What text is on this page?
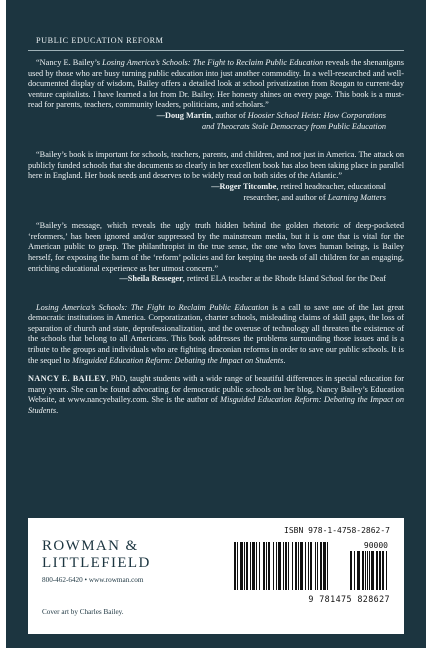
PUBLIC EDUCATION REFORM

“Nancy E. Bailey’s Losing America’s Schools: The Fight to Reclaim Public Education reveals the shenanigans used by those who are busy turning public education into just another commodity. In a well-researched and well-documented display of wisdom, Bailey offers a detailed look at school privatization from Reagan to current-day venture capitalists. I have learned a lot from Dr. Bailey. Her honesty shines on every page. This book is a must-read for parents, teachers, community leaders, politicians, and scholars.”

—Doug Martin, author of Hoosier School Heist: How Corporations
and Theocrats Stole Democracy from Public Education

“Bailey’s book is important for schools, teachers, parents, and children, and not just in America. The attack on publicly funded schools that she documents so clearly in her excellent book has also been taking place in parallel here in England. Her book needs and deserves to be widely read on both sides of the Atlantic.”

—Roger Titcombe, retired headteacher, educational
researcher, and author of Learning Matters

“Bailey’s message, which reveals the ugly truth hidden behind the golden rhetoric of deep-pocketed ‘reformers,’ has been ignored and/or suppressed by the mainstream media, but it is one that is vital for the American public to grasp. The philanthropist in the true sense, the one who loves human beings, is Bailey herself, for exposing the harm of the ‘reform’ policies and for keeping the needs of all children for an engaging, enriching educational experience as her utmost concern.”

—Sheila Resseger, retired ELA teacher at the Rhode Island School for the Deaf

Losing America’s Schools: The Fight to Reclaim Public Education is a call to save one of the last great democratic institutions in America. Corporatization, charter schools, misleading claims of skill gaps, the loss of separation of church and state, deprofessionalization, and the overuse of technology all threaten the existence of the schools that belong to all Americans. This book addresses the problems surrounding those issues and is a tribute to the groups and individuals who are fighting draconian reforms in order to save our public schools. It is the sequel to Misguided Education Reform: Debating the Impact on Students.

NANCY E. BAILEY, PhD, taught students with a wide range of beautiful differences in special education for many years. She can be found advocating for democratic public schools on her blog, Nancy Bailey’s Education Website, at www.nancyebailey.com. She is the author of Misguided Education Reform: Debating the Impact on Students.

ROWMAN &
LITTLEFIELD
800-462-6420 • www.rowman.com
Cover art by Charles Bailey.
ISBN 978-1-4758-2862-7
90000
9 781475 828627
